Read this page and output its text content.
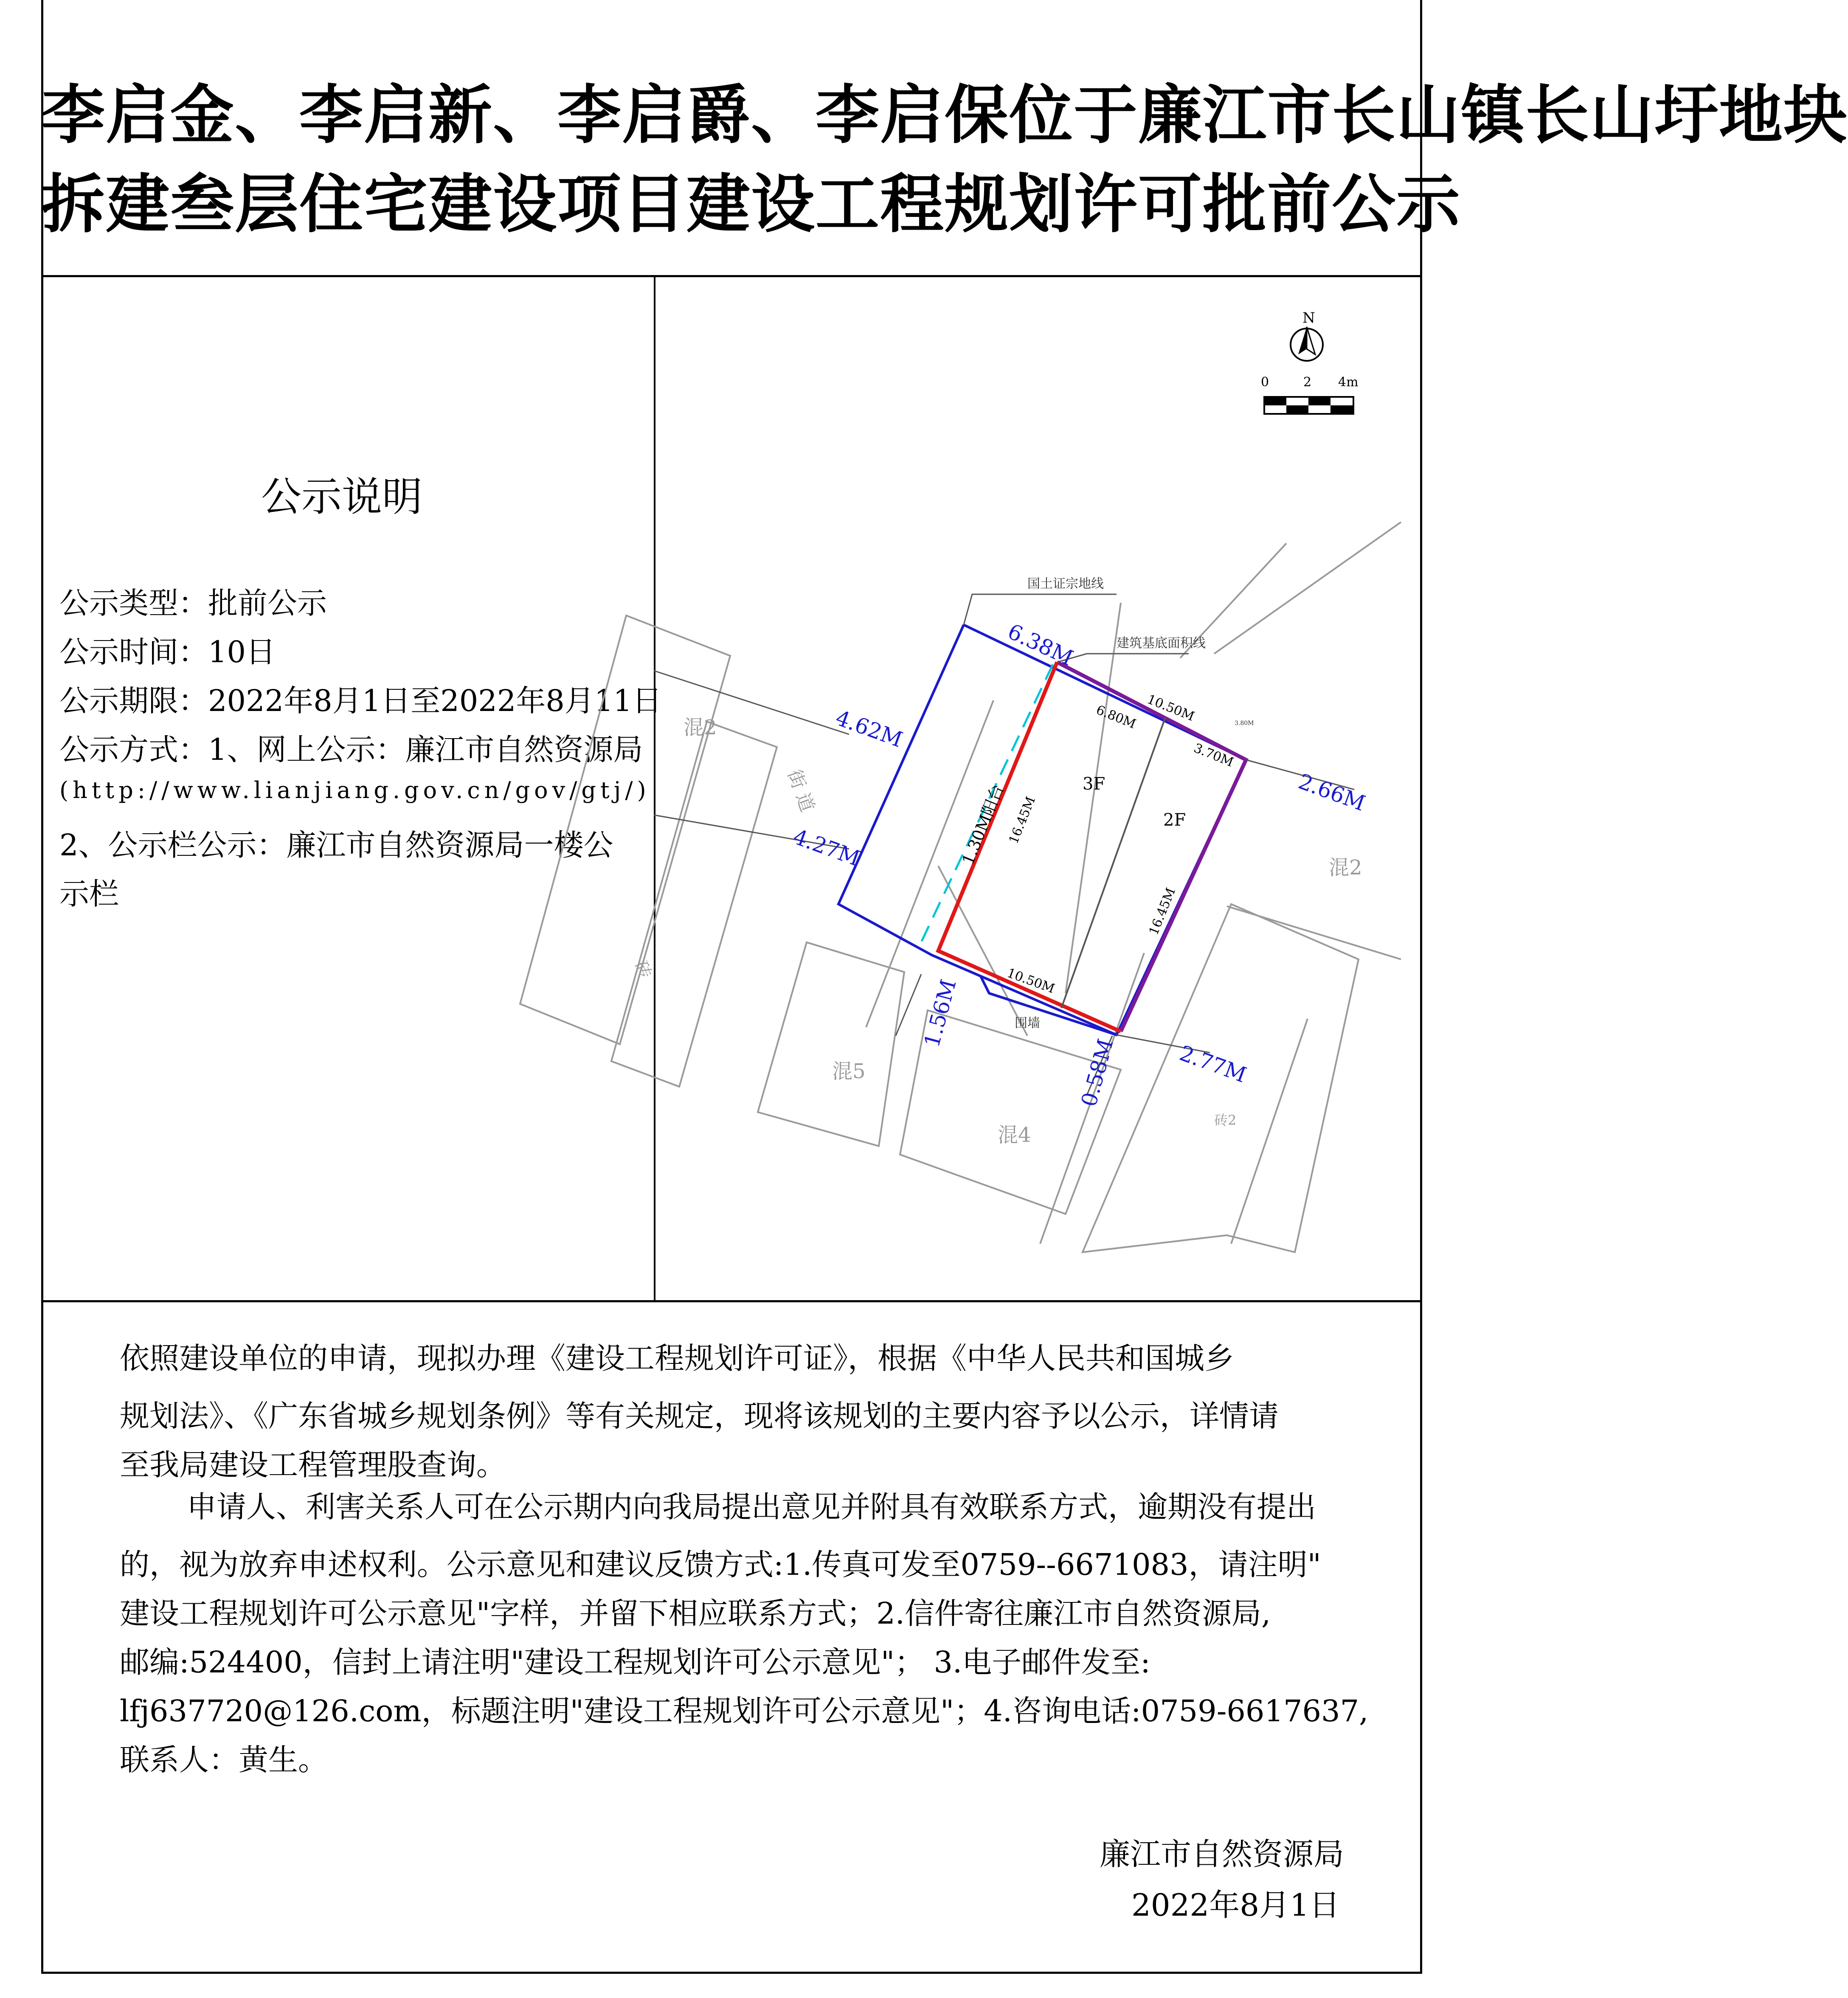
李启金、李启新、李启爵、李启保位于廉江市长山镇长山圩地块
拆建叁层住宅建设项目建设工程规划许可批前公示
公示说明
公示类型：批前公示
公示时间：10日
公示期限：2022年8月1日至2022年8月11日
公示方式：1、网上公示：廉江市自然资源局
(http://www.lianjiang.gov.cn/gov/gtj/)
2、公示栏公示：廉江市自然资源局一楼公
示栏
N
0	2 4m
国土证宗地线
建筑基底面积线
混2
混2
混5
混4
砖
砖2
街 道
围墙
3F
2F
1.30M阳台
3.80M
6.38M
4.62M
4.27M
2.66M
1.56M
0.58M	2.77M
10.50M
6.80M
3.70M
16.45M
16.45M
10.50M
依照建设单位的申请，现拟办理《建设工程规划许可证》，根据《中华人民共和国城乡
规划法》、《广东省城乡规划条例》等有关规定，现将该规划的主要内容予以公示，详情请
至我局建设工程管理股查询。
申请人、利害关系人可在公示期内向我局提出意见并附具有效联系方式，逾期没有提出
的，视为放弃申述权利。公示意见和建议反馈方式:1.传真可发至0759--6671083，请注明"
建设工程规划许可公示意见"字样，并留下相应联系方式；2.信件寄往廉江市自然资源局,
邮编:524400，信封上请注明"建设工程规划许可公示意见"； 3.电子邮件发至:
lfj637720@126.com，标题注明"建设工程规划许可公示意见"；4.咨询电话:0759-6617637,
联系人：黄生。
廉江市自然资源局
2022年8月1日
